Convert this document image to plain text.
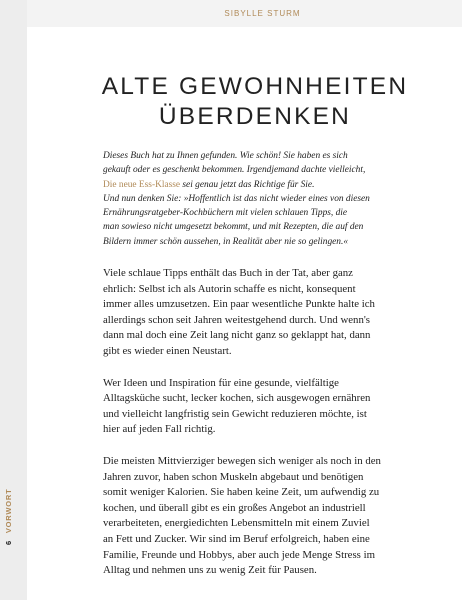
6 VORWORT
SIBYLLE STURM
ALTE GEWOHNHEITEN
ÜBERDENKEN

Dieses Buch hat zu Ihnen gefunden. Wie schön! Sie haben es sich
gekauft oder es geschenkt bekommen. Irgendjemand dachte vielleicht,
Die neue Ess-Klasse sei genau jetzt das Richtige für Sie.
Und nun denken Sie: »Hoffentlich ist das nicht wieder eines von diesen
Ernährungsratgeber-Kochbüchern mit vielen schlauen Tipps, die
man sowieso nicht umgesetzt bekommt, und mit Rezepten, die auf den
Bildern immer schön aussehen, in Realität aber nie so gelingen.«

Viele schlaue Tipps enthält das Buch in der Tat, aber ganz
ehrlich: Selbst ich als Autorin schaffe es nicht, konsequent
immer alles umzusetzen. Ein paar wesentliche Punkte halte ich
allerdings schon seit Jahren weitestgehend durch. Und wenn's
dann mal doch eine Zeit lang nicht ganz so geklappt hat, dann
gibt es wieder einen Neustart.

Wer Ideen und Inspiration für eine gesunde, vielfältige
Alltagsküche sucht, lecker kochen, sich ausgewogen ernähren
und vielleicht langfristig sein Gewicht reduzieren möchte, ist
hier auf jeden Fall richtig.

Die meisten Mittvierziger bewegen sich weniger als noch in den
Jahren zuvor, haben schon Muskeln abgebaut und benötigen
somit weniger Kalorien. Sie haben keine Zeit, um aufwendig zu
kochen, und überall gibt es ein großes Angebot an industriell
verarbeiteten, energiedichten Lebensmitteln mit einem Zuviel
an Fett und Zucker. Wir sind im Beruf erfolgreich, haben eine
Familie, Freunde und Hobbys, aber auch jede Menge Stress im
Alltag und nehmen uns zu wenig Zeit für Pausen.
